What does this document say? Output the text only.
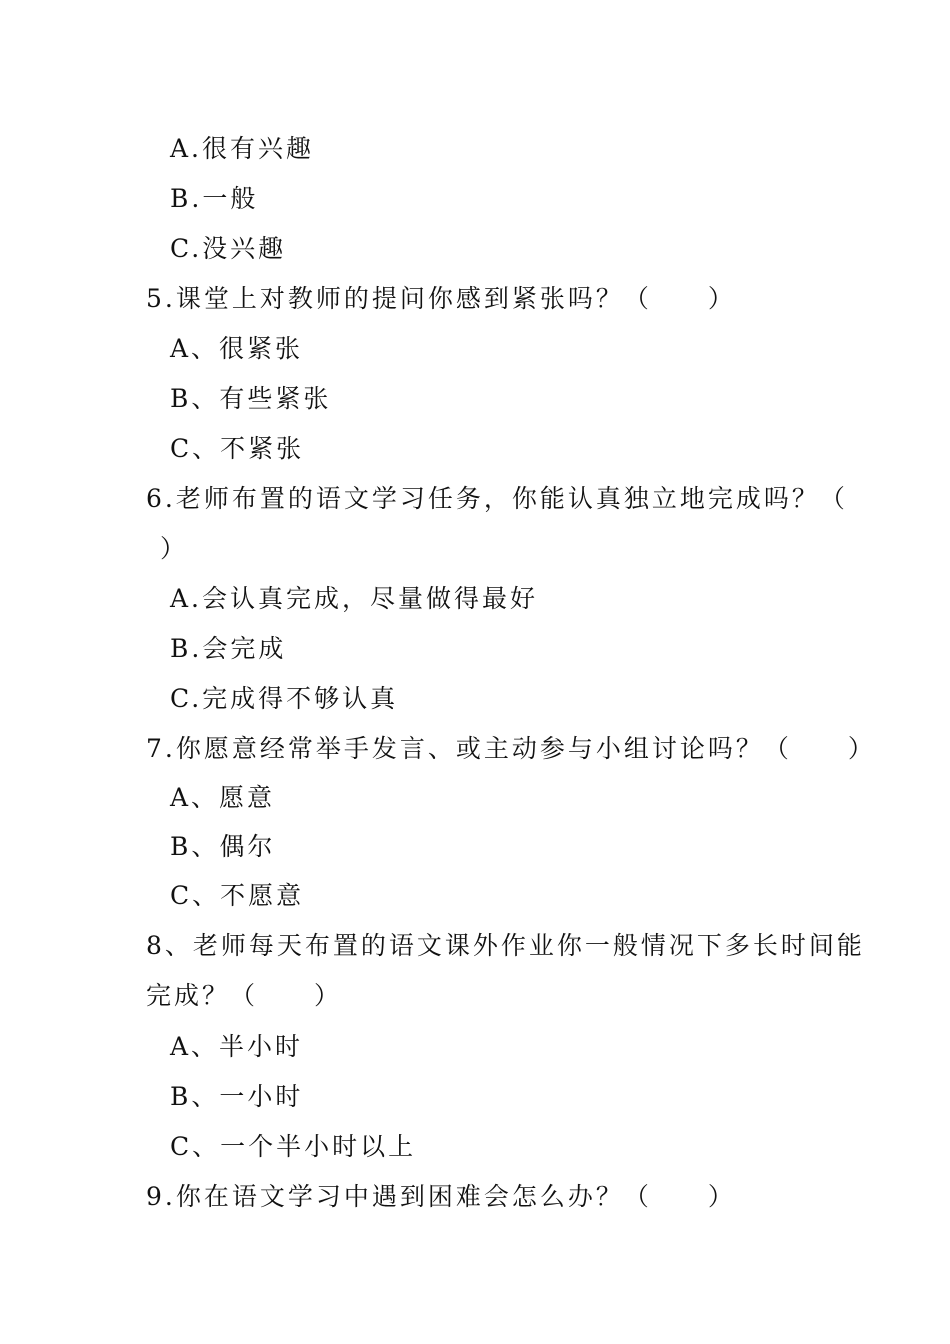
A.很有兴趣
B.一般
C.没兴趣
5.课堂上对教师的提问你感到紧张吗？（　　）
A、很紧张
B、有些紧张
C、不紧张
6.老师布置的语文学习任务，你能认真独立地完成吗？（
）
A.会认真完成，尽量做得最好
B.会完成
C.完成得不够认真
7.你愿意经常举手发言、或主动参与小组讨论吗？（　　）
A、愿意
B、偶尔
C、不愿意
8、老师每天布置的语文课外作业你一般情况下多长时间能
完成？（　　）
A、半小时
B、一小时
C、一个半小时以上
9.你在语文学习中遇到困难会怎么办？（　　）
